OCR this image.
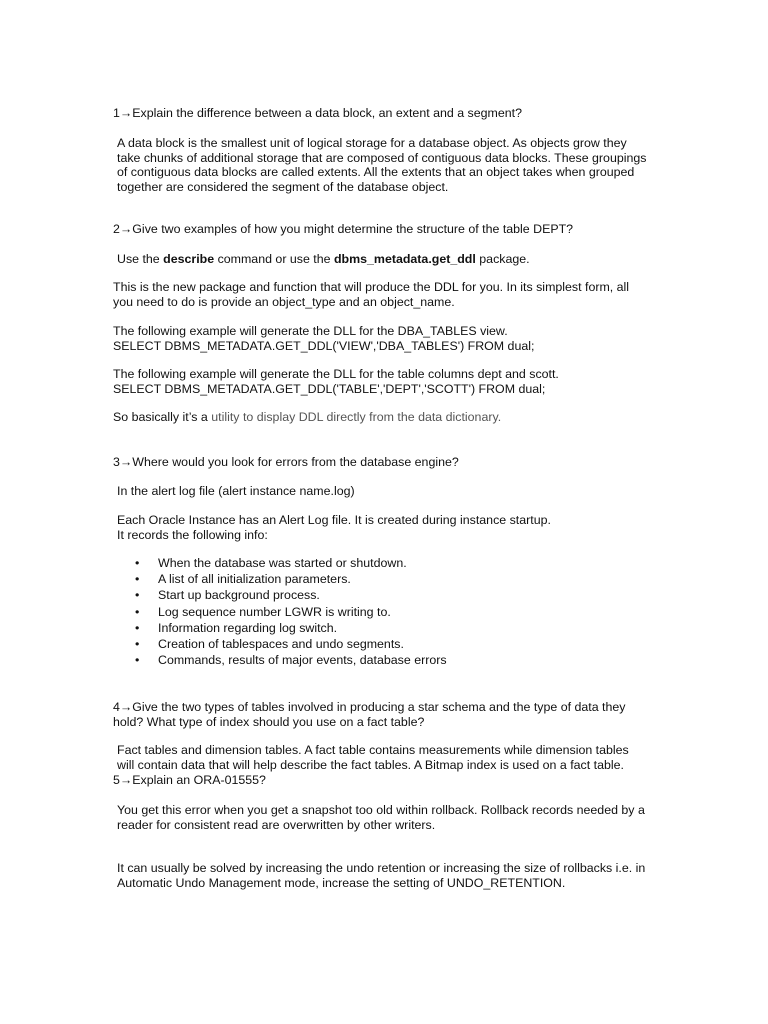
1→Explain the difference between a data block, an extent and a segment?

A data block is the smallest unit of logical storage for a database object. As objects grow they
take chunks of additional storage that are composed of contiguous data blocks. These groupings
of contiguous data blocks are called extents. All the extents that an object takes when grouped
together are considered the segment of the database object.

2→Give two examples of how you might determine the structure of the table DEPT?

Use the describe command or use the dbms_metadata.get_ddl package.

This is the new package and function that will produce the DDL for you. In its simplest form, all
you need to do is provide an object_type and an object_name.

The following example will generate the DLL for the DBA_TABLES view.
SELECT DBMS_METADATA.GET_DDL('VIEW','DBA_TABLES') FROM dual;

The following example will generate the DLL for the table columns dept and scott.
SELECT DBMS_METADATA.GET_DDL('TABLE','DEPT','SCOTT') FROM dual;

So basically it’s a utility to display DDL directly from the data dictionary.

3→Where would you look for errors from the database engine?

In the alert log file (alert instance name.log)

Each Oracle Instance has an Alert Log file. It is created during instance startup.
It records the following info:

• When the database was started or shutdown.
• A list of all initialization parameters.
• Start up background process.
• Log sequence number LGWR is writing to.
• Information regarding log switch.
• Creation of tablespaces and undo segments.
• Commands, results of major events, database errors

4→Give the two types of tables involved in producing a star schema and the type of data they
hold? What type of index should you use on a fact table?

Fact tables and dimension tables. A fact table contains measurements while dimension tables
will contain data that will help describe the fact tables. A Bitmap index is used on a fact table.

5→Explain an ORA-01555?

You get this error when you get a snapshot too old within rollback. Rollback records needed by a
reader for consistent read are overwritten by other writers.

It can usually be solved by increasing the undo retention or increasing the size of rollbacks i.e. in
Automatic Undo Management mode, increase the setting of UNDO_RETENTION.
